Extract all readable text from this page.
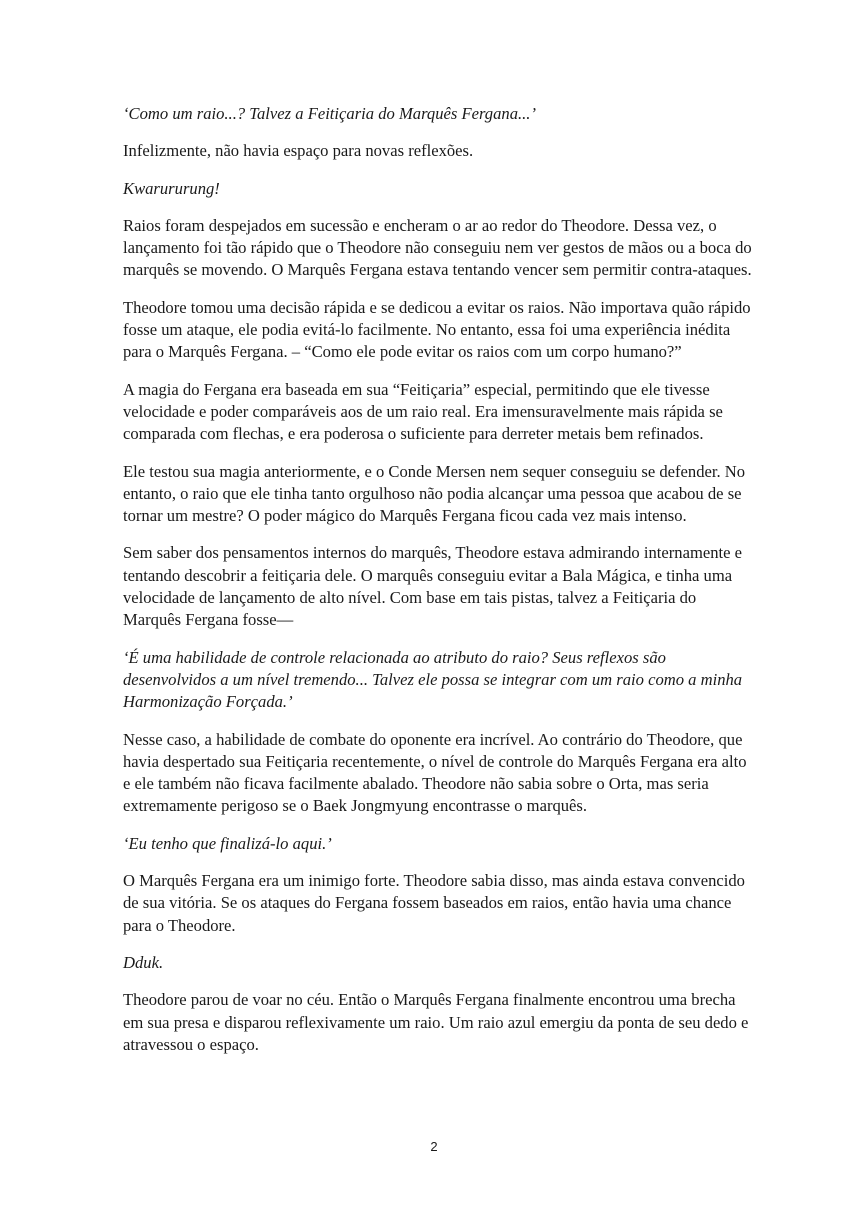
‘Como um raio...? Talvez a Feitiçaria do Marquês Fergana...’

Infelizmente, não havia espaço para novas reflexões.

Kwarururung!

Raios foram despejados em sucessão e encheram o ar ao redor do Theodore. Dessa vez, o lançamento foi tão rápido que o Theodore não conseguiu nem ver gestos de mãos ou a boca do marquês se movendo. O Marquês Fergana estava tentando vencer sem permitir contra-ataques.

Theodore tomou uma decisão rápida e se dedicou a evitar os raios. Não importava quão rápido fosse um ataque, ele podia evitá-lo facilmente. No entanto, essa foi uma experiência inédita para o Marquês Fergana. – “Como ele pode evitar os raios com um corpo humano?”

A magia do Fergana era baseada em sua “Feitiçaria” especial, permitindo que ele tivesse velocidade e poder comparáveis aos de um raio real. Era imensuravelmente mais rápida se comparada com flechas, e era poderosa o suficiente para derreter metais bem refinados.

Ele testou sua magia anteriormente, e o Conde Mersen nem sequer conseguiu se defender. No entanto, o raio que ele tinha tanto orgulhoso não podia alcançar uma pessoa que acabou de se tornar um mestre? O poder mágico do Marquês Fergana ficou cada vez mais intenso.

Sem saber dos pensamentos internos do marquês, Theodore estava admirando internamente e tentando descobrir a feitiçaria dele. O marquês conseguiu evitar a Bala Mágica, e tinha uma velocidade de lançamento de alto nível. Com base em tais pistas, talvez a Feitiçaria do Marquês Fergana fosse—

‘É uma habilidade de controle relacionada ao atributo do raio? Seus reflexos são desenvolvidos a um nível tremendo... Talvez ele possa se integrar com um raio como a minha Harmonização Forçada.’

Nesse caso, a habilidade de combate do oponente era incrível. Ao contrário do Theodore, que havia despertado sua Feitiçaria recentemente, o nível de controle do Marquês Fergana era alto e ele também não ficava facilmente abalado. Theodore não sabia sobre o Orta, mas seria extremamente perigoso se o Baek Jongmyung encontrasse o marquês.

‘Eu tenho que finalizá-lo aqui.’

O Marquês Fergana era um inimigo forte. Theodore sabia disso, mas ainda estava convencido de sua vitória. Se os ataques do Fergana fossem baseados em raios, então havia uma chance para o Theodore.

Dduk.

Theodore parou de voar no céu. Então o Marquês Fergana finalmente encontrou uma brecha em sua presa e disparou reflexivamente um raio. Um raio azul emergiu da ponta de seu dedo e atravessou o espaço.

2
